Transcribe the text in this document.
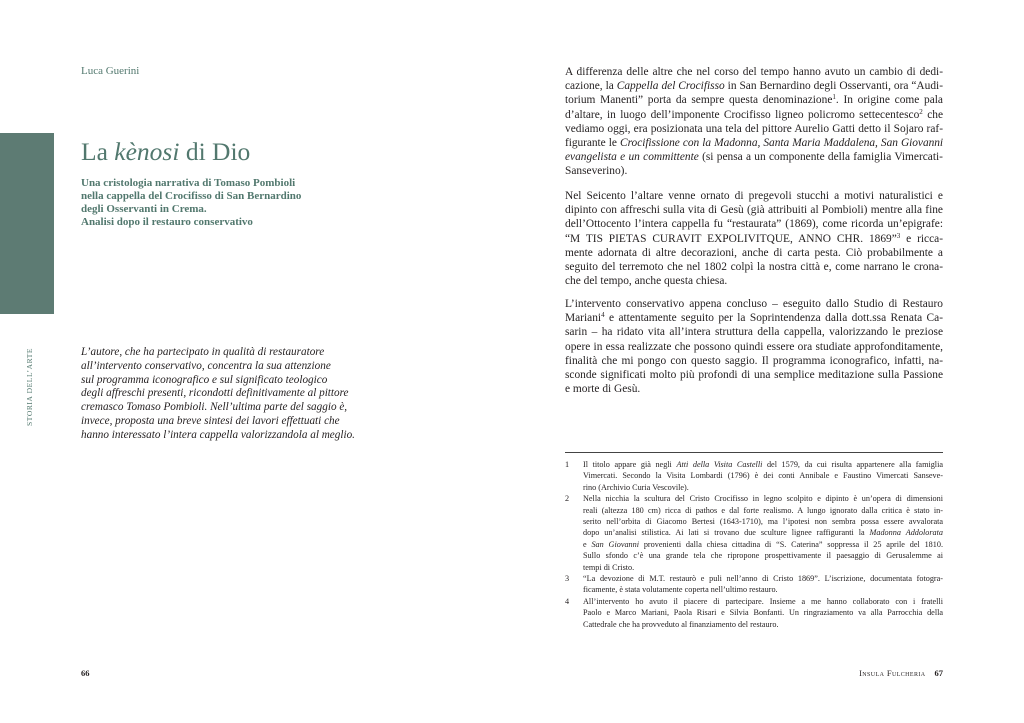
Luca Guerini
La kènosi di Dio
Una cristologia narrativa di Tomaso Pombioli
nella cappella del Crocifisso di San Bernardino
degli Osservanti in Crema.
Analisi dopo il restauro conservativo
L’autore, che ha partecipato in qualità di restauratore
all’intervento conservativo, concentra la sua attenzione
sul programma iconografico e sul significato teologico
degli affreschi presenti, ricondotti definitivamente al pittore
cremasco Tomaso Pombioli. Nell’ultima parte del saggio è,
invece, proposta una breve sintesi dei lavori effettuati che
hanno interessato l’intera cappella valorizzandola al meglio.
STORIA DELL’ARTE
66
A differenza delle altre che nel corso del tempo hanno avuto un cambio di dedi-
cazione, la Cappella del Crocifisso in San Bernardino degli Osservanti, ora “Audi-
torium Manenti” porta da sempre questa denominazione$^1$. In origine come pala
d’altare, in luogo dell’imponente Crocifisso ligneo policromo settecentesco$^2$ che
vediamo oggi, era posizionata una tela del pittore Aurelio Gatti detto il Sojaro raf-
figurante le Crocifissione con la Madonna, Santa Maria Maddalena, San Giovanni
evangelista e un committente (si pensa a un componente della famiglia Vimercati-
Sanseverino).
Nel Seicento l’altare venne ornato di pregevoli stucchi a motivi naturalistici e
dipinto con affreschi sulla vita di Gesù (già attribuiti al Pombioli) mentre alla fine
dell’Ottocento l’intera cappella fu “restaurata” (1869), come ricorda un’epigrafe:
“M TIS PIETAS CURAVIT EXPOLIVITQUE, ANNO CHR. 1869”$^3$ e ricca-
mente adornata di altre decorazioni, anche di carta pesta. Ciò probabilmente a
seguito del terremoto che nel 1802 colpì la nostra città e, come narrano le crona-
che del tempo, anche questa chiesa.
L’intervento conservativo appena concluso – eseguito dallo Studio di Restauro
Mariani$^4$ e attentamente seguito per la Soprintendenza dalla dott.ssa Renata Ca-
sarin – ha ridato vita all’intera struttura della cappella, valorizzando le preziose
opere in essa realizzate che possono quindi essere ora studiate approfonditamente,
finalità che mi pongo con questo saggio. Il programma iconografico, infatti, na-
sconde significati molto più profondi di una semplice meditazione sulla Passione
e morte di Gesù.
1 Il titolo appare già negli Atti della Visita Castelli del 1579, da cui risulta appartenere alla famiglia
Vimercati. Secondo la Visita Lombardi (1796) è dei conti Annibale e Faustino Vimercati Sanseve-
rino (Archivio Curia Vescovile).
2 Nella nicchia la scultura del Cristo Crocifisso in legno scolpito e dipinto è un’opera di dimensioni
reali (altezza 180 cm) ricca di pathos e dal forte realismo. A lungo ignorato dalla critica è stato in-
serito nell’orbita di Giacomo Bertesi (1643-1710), ma l’ipotesi non sembra possa essere avvalorata
dopo un’analisi stilistica. Ai lati si trovano due sculture lignee raffiguranti la Madonna Addolorata
e San Giovanni provenienti dalla chiesa cittadina di “S. Caterina” soppressa il 25 aprile del 1810.
Sullo sfondo c’è una grande tela che ripropone prospettivamente il paesaggio di Gerusalemme ai
tempi di Cristo.
3 “La devozione di M.T. restaurò e puli nell’anno di Cristo 1869”. L’iscrizione, documentata fotogra-
ficamente, è stata volutamente coperta nell’ultimo restauro.
4 All’intervento ho avuto il piacere di partecipare. Insieme a me hanno collaborato con i fratelli
Paolo e Marco Mariani, Paola Risari e Silvia Bonfanti. Un ringraziamento va alla Parrocchia della
Cattedrale che ha provveduto al finanziamento del restauro.
Insula Fulcheria 67
